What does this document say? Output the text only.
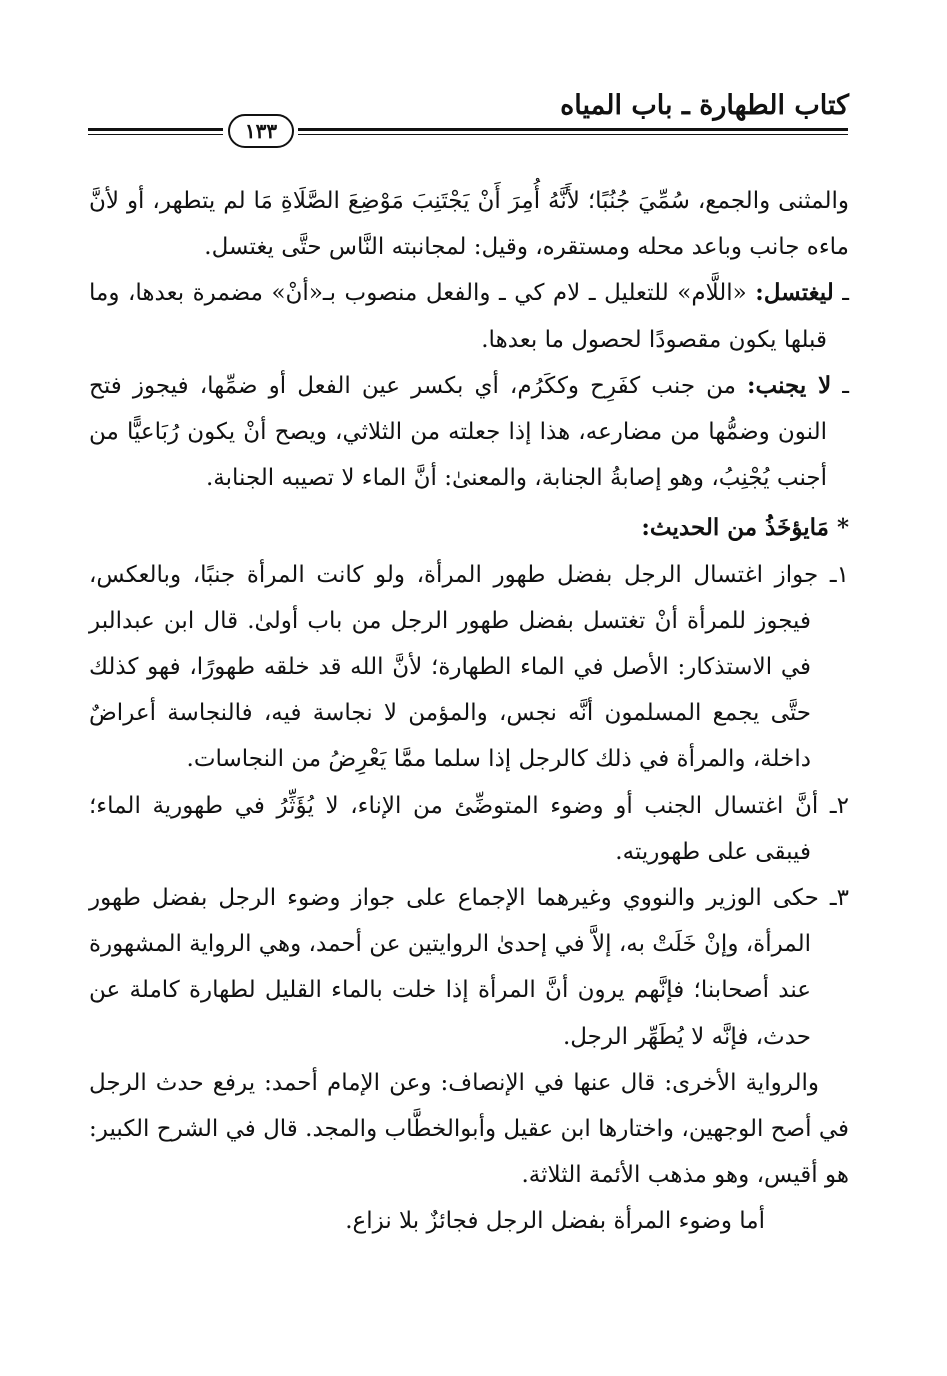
كتاب الطهارة ـ باب المياه
١٣٣

والمثنى والجمع، سُمِّيَ جُنُبًا؛ لأَنَّهُ أُمِرَ أَنْ يَجْتَنِبَ مَوْضِعَ الصَّلَاةِ مَا لم يتطهر، أو لأنَّ ماءه جانب وباعد محله ومستقره، وقيل: لمجانبته النَّاس حتَّى يغتسل.

ـ ليغتسل: «اللَّام» للتعليل ـ لام كي ـ والفعل منصوب بـ«أنْ» مضمرة بعدها، وما قبلها يكون مقصودًا لحصول ما بعدها.

ـ لا يجنب: من جنب كفَرِح وككَرُم، أي بكسر عين الفعل أو ضمِّها، فيجوز فتح النون وضمُّها من مضارعه، هذا إذا جعلته من الثلاثي، ويصح أنْ يكون رُبَاعيًّا من أجنب يُجْنِبُ، وهو إصابةُ الجنابة، والمعنىٰ: أنَّ الماء لا تصيبه الجنابة.

* مَايؤخَذُ من الحديث:

١ـ جواز اغتسال الرجل بفضل طهور المرأة، ولو كانت المرأة جنبًا، وبالعكس، فيجوز للمرأة أنْ تغتسل بفضل طهور الرجل من باب أولىٰ. قال ابن عبدالبر في الاستذكار: الأصل في الماء الطهارة؛ لأنَّ الله قد خلقه طهورًا، فهو كذلك حتَّى يجمع المسلمون أنَّه نجس، والمؤمن لا نجاسة فيه، فالنجاسة أعراضٌ داخلة، والمرأة في ذلك كالرجل إذا سلما ممَّا يَعْرِضُ من النجاسات.

٢ـ أنَّ اغتسال الجنب أو وضوء المتوضِّئ من الإناء، لا يُؤَثِّرُ في طهورية الماء؛ فيبقى على طهوريته.

٣ـ حكى الوزير والنووي وغيرهما الإجماع على جواز وضوء الرجل بفضل طهور المرأة، وإنْ خَلَتْ به، إلاَّ في إحدىٰ الروايتين عن أحمد، وهي الرواية المشهورة عند أصحابنا؛ فإنَّهم يرون أنَّ المرأة إذا خلت بالماء القليل لطهارة كاملة عن حدث، فإنَّه لا يُطَهِّر الرجل.

والرواية الأخرى: قال عنها في الإنصاف: وعن الإمام أحمد: يرفع حدث الرجل في أصح الوجهين، واختارها ابن عقيل وأبوالخطَّاب والمجد. قال في الشرح الكبير: هو أقيس، وهو مذهب الأئمة الثلاثة.

أما وضوء المرأة بفضل الرجل فجائزٌ بلا نزاع.
